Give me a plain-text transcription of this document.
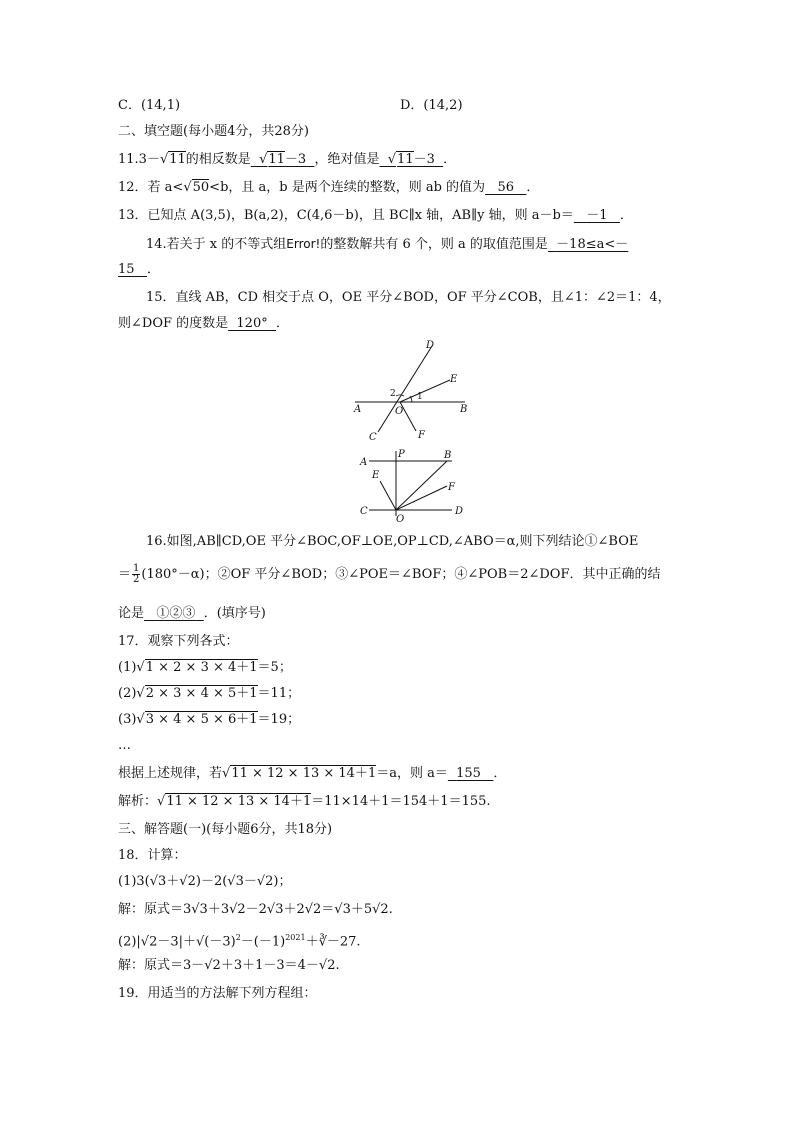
C．(14,1)	D．(14,2)
二、填空题(每小题4分，共28分)
11.3－√11的相反数是 √11－3 ，绝对值是 √11－3 ．
12．若 a<√50<b，且 a，b 是两个连续的整数，则 ab 的值为 56 ．
13．已知点 A(3,5)，B(a,2)，C(4,6－b)，且 BC∥x 轴，AB∥y 轴，则 a－b＝ －1 ．
14.若关于 x 的不等式组Error!的整数解共有 6 个，则 a 的取值范围是 －18≤a<－
15 ．
15．直线 AB，CD 相交于点 O，OE 平分∠BOD，OF 平分∠COB，且∠1：∠2＝1：4，
则∠DOF 的度数是 120° ．
A	B
C
D
E
F
O
1
2
A
B
C	D
E
F
O
P
16.如图,AB∥CD,OE 平分∠BOC,OF⊥OE,OP⊥CD,∠ABO＝α,则下列结论①∠BOE
＝ $\frac{1}{2} (180^\circ-\alpha)$；②OF 平分∠BOD；③∠POE＝∠BOF；④∠POB＝2∠DOF．其中正确的结
论是 ①②③ ．(填序号)
17．观察下列各式：
(1)√1 × 2 × 3 × 4＋1＝5；
(2)√2 × 3 × 4 × 5＋1＝11；
(3)√3 × 4 × 5 × 6＋1＝19；
…
根据上述规律，若√11 × 12 × 13 × 14＋1＝a，则 a＝ 155 ．
解析：√11 × 12 × 13 × 14＋1＝11×14＋1＝154＋1＝155.
三、解答题(一)(每小题6分，共18分)
18．计算：
(1)3(√3＋√2)－2(√3－√2)；
解：原式＝3√3＋3√2－2√3＋2√2＝√3＋5√2.
$(2)|√2-3|+√(-3)^2-(-1)^{2021}+∛-27$.
解：原式＝3－√2＋3＋1－3＝4－√2.
19．用适当的方法解下列方程组：
